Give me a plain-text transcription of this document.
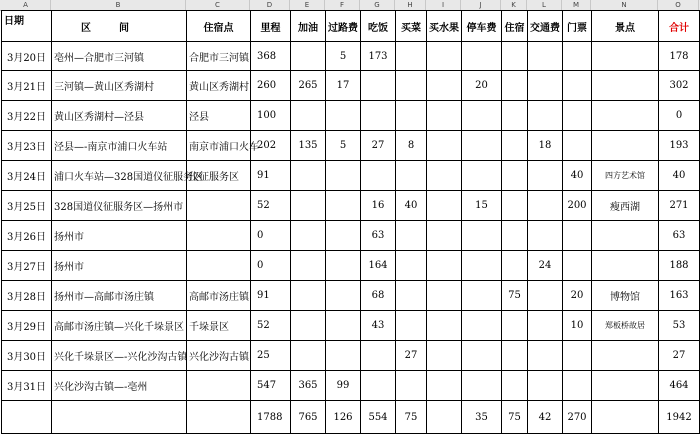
A	B	C	D	E	F	G	H	I	J	K	L	M	N	O
日期	区间	住宿点	里程	加油	过路费	吃饭	买菜	买水果	停车费	住宿	交通费	门票	景点	合计
3月20日	亳州—合肥市三河镇	合肥市三河镇	368		5	173								178
3月21日	三河镇—黄山区秀湖村	黄山区秀湖村	260	265	17				20					302
3月22日	黄山区秀湖村—泾县	泾县	100											0
3月23日	泾县—-南京市浦口火车站	南京市浦口火车	202	135	5	27	8				18			193
3月24日	浦口火车站—328国道仪征服务区	仪征服务区	91									40	四方艺术馆	40
3月25日	328国道仪征服务区—扬州市		52			16	40		15			200	瘦西湖	271
3月26日	扬州市		0			63								63
3月27日	扬州市		0			164					24			188
3月28日	扬州市—高邮市汤庄镇	高邮市汤庄镇	91			68				75		20	博物馆	163
3月29日	高邮市汤庄镇—兴化千垛景区	千垛景区	52			43						10	郑板桥故居	53
3月30日	兴化千垛景区—-兴化沙沟古镇	兴化沙沟古镇	25				27							27
3月31日	兴化沙沟古镇—-亳州		547	365	99									464
			1788	765	126	554	75		35	75	42	270		1942
